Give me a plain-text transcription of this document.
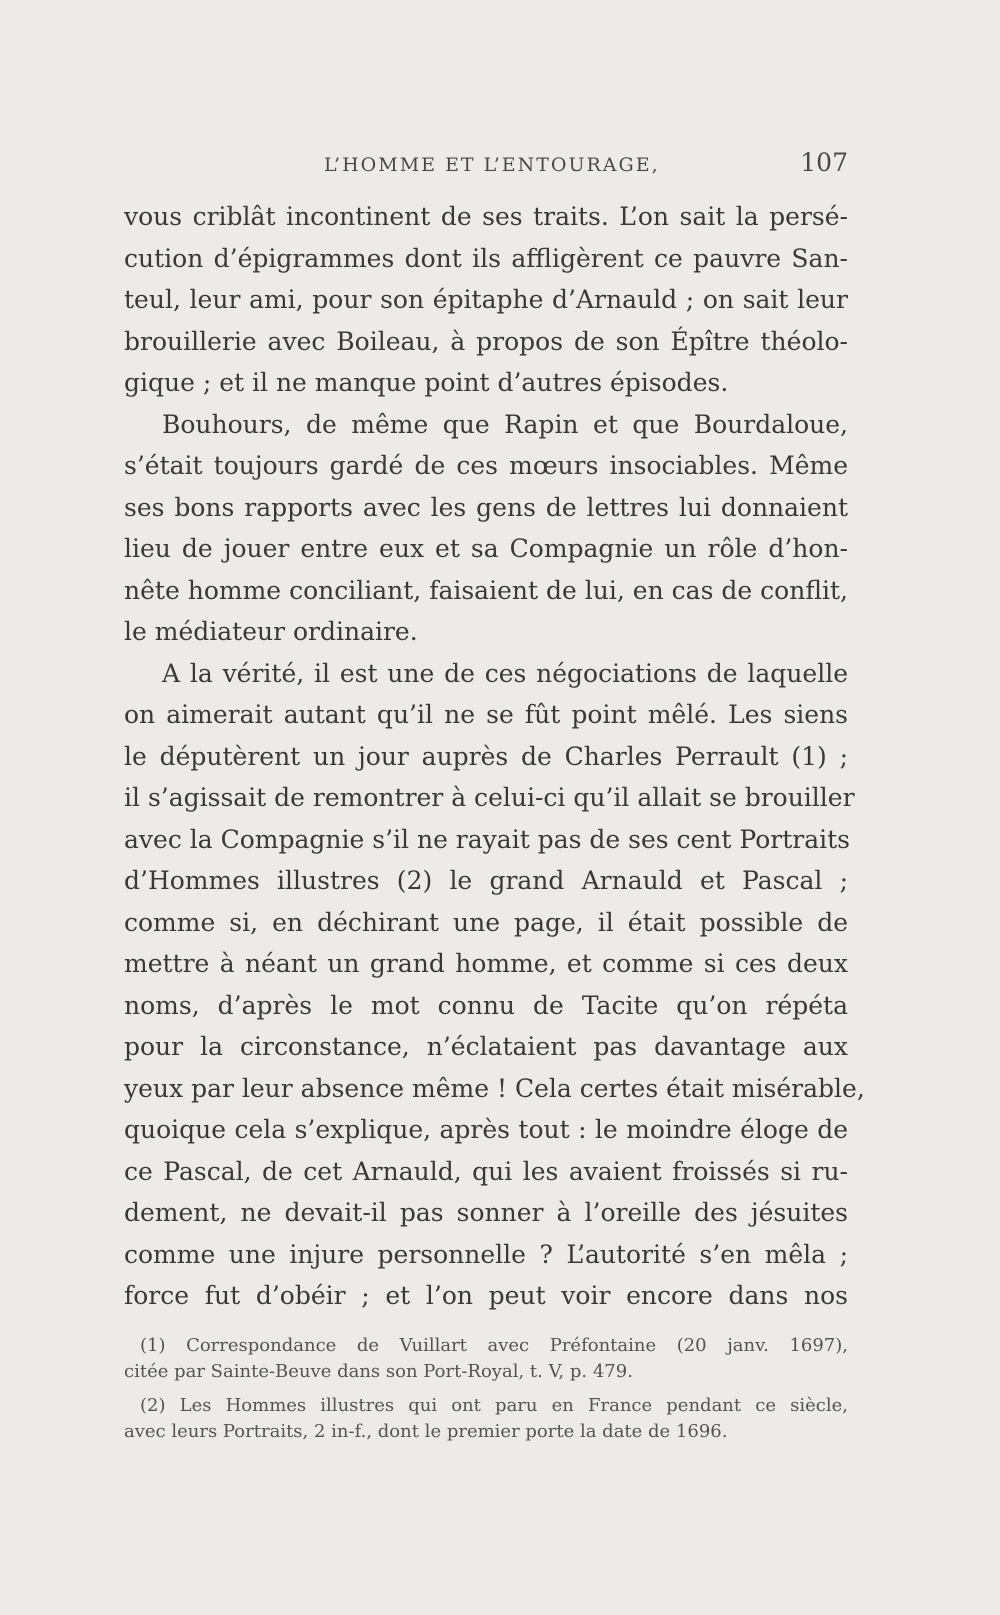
L’HOMME ET L’ENTOURAGE,	107
vous criblât incontinent de ses traits. L’on sait la persé-
cution d’épigrammes dont ils affligèrent ce pauvre San-
teul, leur ami, pour son épitaphe d’Arnauld ; on sait leur
brouillerie avec Boileau, à propos de son Épître théolo-
gique ; et il ne manque point d’autres épisodes.
Bouhours, de même que Rapin et que Bourdaloue,
s’était toujours gardé de ces mœurs insociables. Même
ses bons rapports avec les gens de lettres lui donnaient
lieu de jouer entre eux et sa Compagnie un rôle d’hon-
nête homme conciliant, faisaient de lui, en cas de conflit,
le médiateur ordinaire.
A la vérité, il est une de ces négociations de laquelle
on aimerait autant qu’il ne se fût point mêlé. Les siens
le députèrent un jour auprès de Charles Perrault (1) ;
il s’agissait de remontrer à celui-ci qu’il allait se brouiller
avec la Compagnie s’il ne rayait pas de ses cent Portraits
d’Hommes illustres (2) le grand Arnauld et Pascal ;
comme si, en déchirant une page, il était possible de
mettre à néant un grand homme, et comme si ces deux
noms, d’après le mot connu de Tacite qu’on répéta
pour la circonstance, n’éclataient pas davantage aux
yeux par leur absence même ! Cela certes était misérable,
quoique cela s’explique, après tout : le moindre éloge de
ce Pascal, de cet Arnauld, qui les avaient froissés si ru-
dement, ne devait-il pas sonner à l’oreille des jésuites
comme une injure personnelle ? L’autorité s’en mêla ;
force fut d’obéir ; et l’on peut voir encore dans nos
(1) Correspondance de Vuillart avec Préfontaine (20 janv. 1697),
citée par Sainte-Beuve dans son Port-Royal, t. V, p. 479.
(2) Les Hommes illustres qui ont paru en France pendant ce siècle,
avec leurs Portraits, 2 in-f., dont le premier porte la date de 1696.
